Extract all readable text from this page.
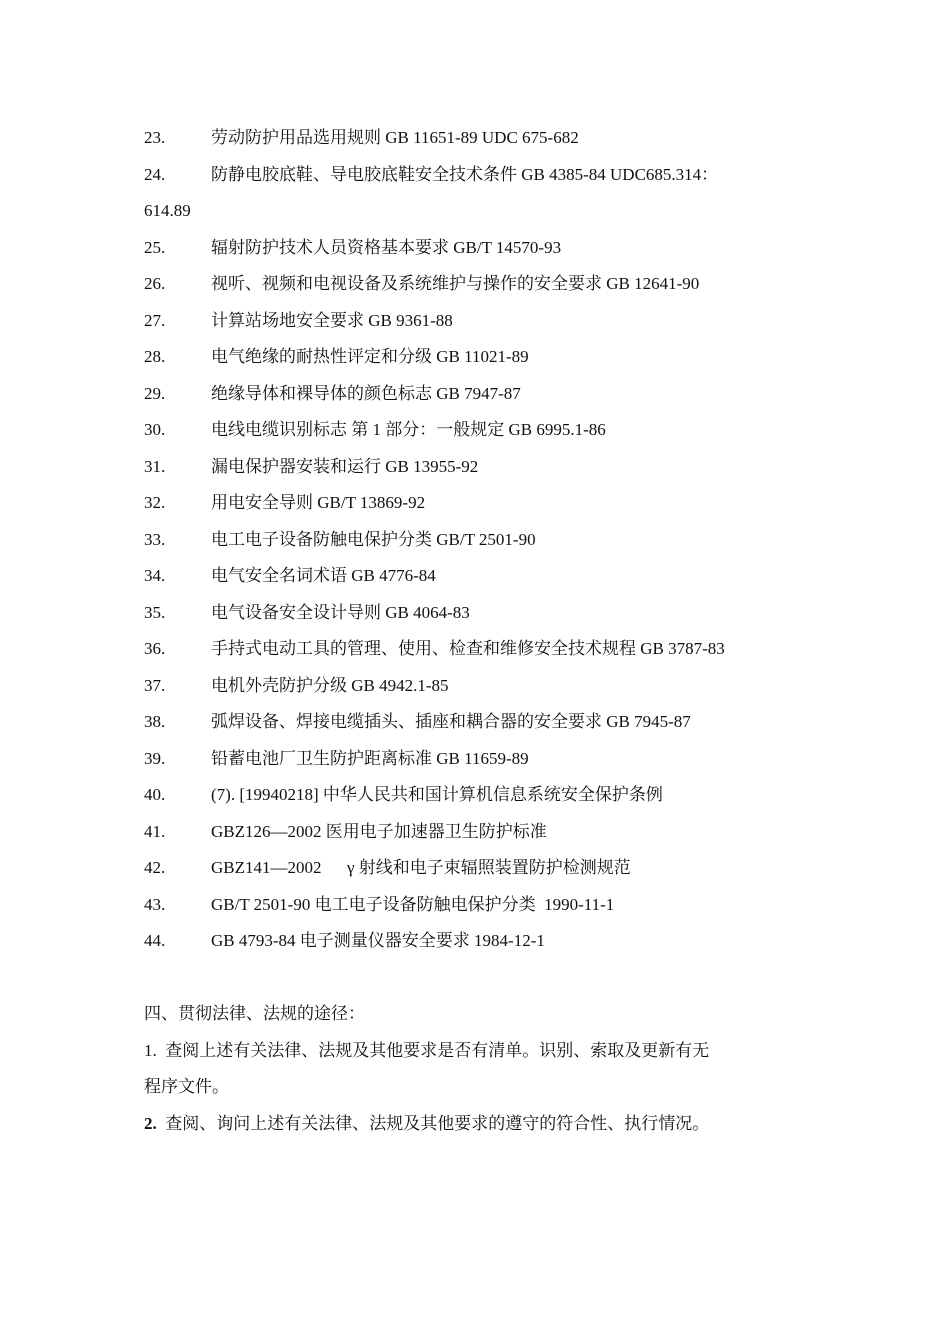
23.	劳动防护用品选用规则 GB 11651-89 UDC 675-682
24.	防静电胶底鞋、导电胶底鞋安全技术条件 GB 4385-84 UDC685.314：
614.89
25.	辐射防护技术人员资格基本要求 GB/T 14570-93
26.	视听、视频和电视设备及系统维护与操作的安全要求 GB 12641-90
27.	计算站场地安全要求 GB 9361-88
28.	电气绝缘的耐热性评定和分级 GB 11021-89
29.	绝缘导体和裸导体的颜色标志 GB 7947-87
30.	电线电缆识别标志 第 1 部分：一般规定 GB 6995.1-86
31.	漏电保护器安装和运行 GB 13955-92
32.	用电安全导则 GB/T 13869-92
33.	电工电子设备防触电保护分类 GB/T 2501-90
34.	电气安全名词术语 GB 4776-84
35.	电气设备安全设计导则 GB 4064-83
36.	手持式电动工具的管理、使用、检查和维修安全技术规程 GB 3787-83
37.	电机外壳防护分级 GB 4942.1-85
38.	弧焊设备、焊接电缆插头、插座和耦合器的安全要求 GB 7945-87
39.	铅蓄电池厂卫生防护距离标准 GB 11659-89
40.	(7). [19940218] 中华人民共和国计算机信息系统安全保护条例
41.	GBZ126—2002 医用电子加速器卫生防护标准
42.	GBZ141—2002      γ 射线和电子束辐照装置防护检测规范
43.	GB/T 2501-90 电工电子设备防触电保护分类  1990-11-1
44.	GB 4793-84 电子测量仪器安全要求 1984-12-1
四、贯彻法律、法规的途径：
1. 查阅上述有关法律、法规及其他要求是否有清单。识别、索取及更新有无
程序文件。
2. 查阅、询问上述有关法律、法规及其他要求的遵守的符合性、执行情况。
